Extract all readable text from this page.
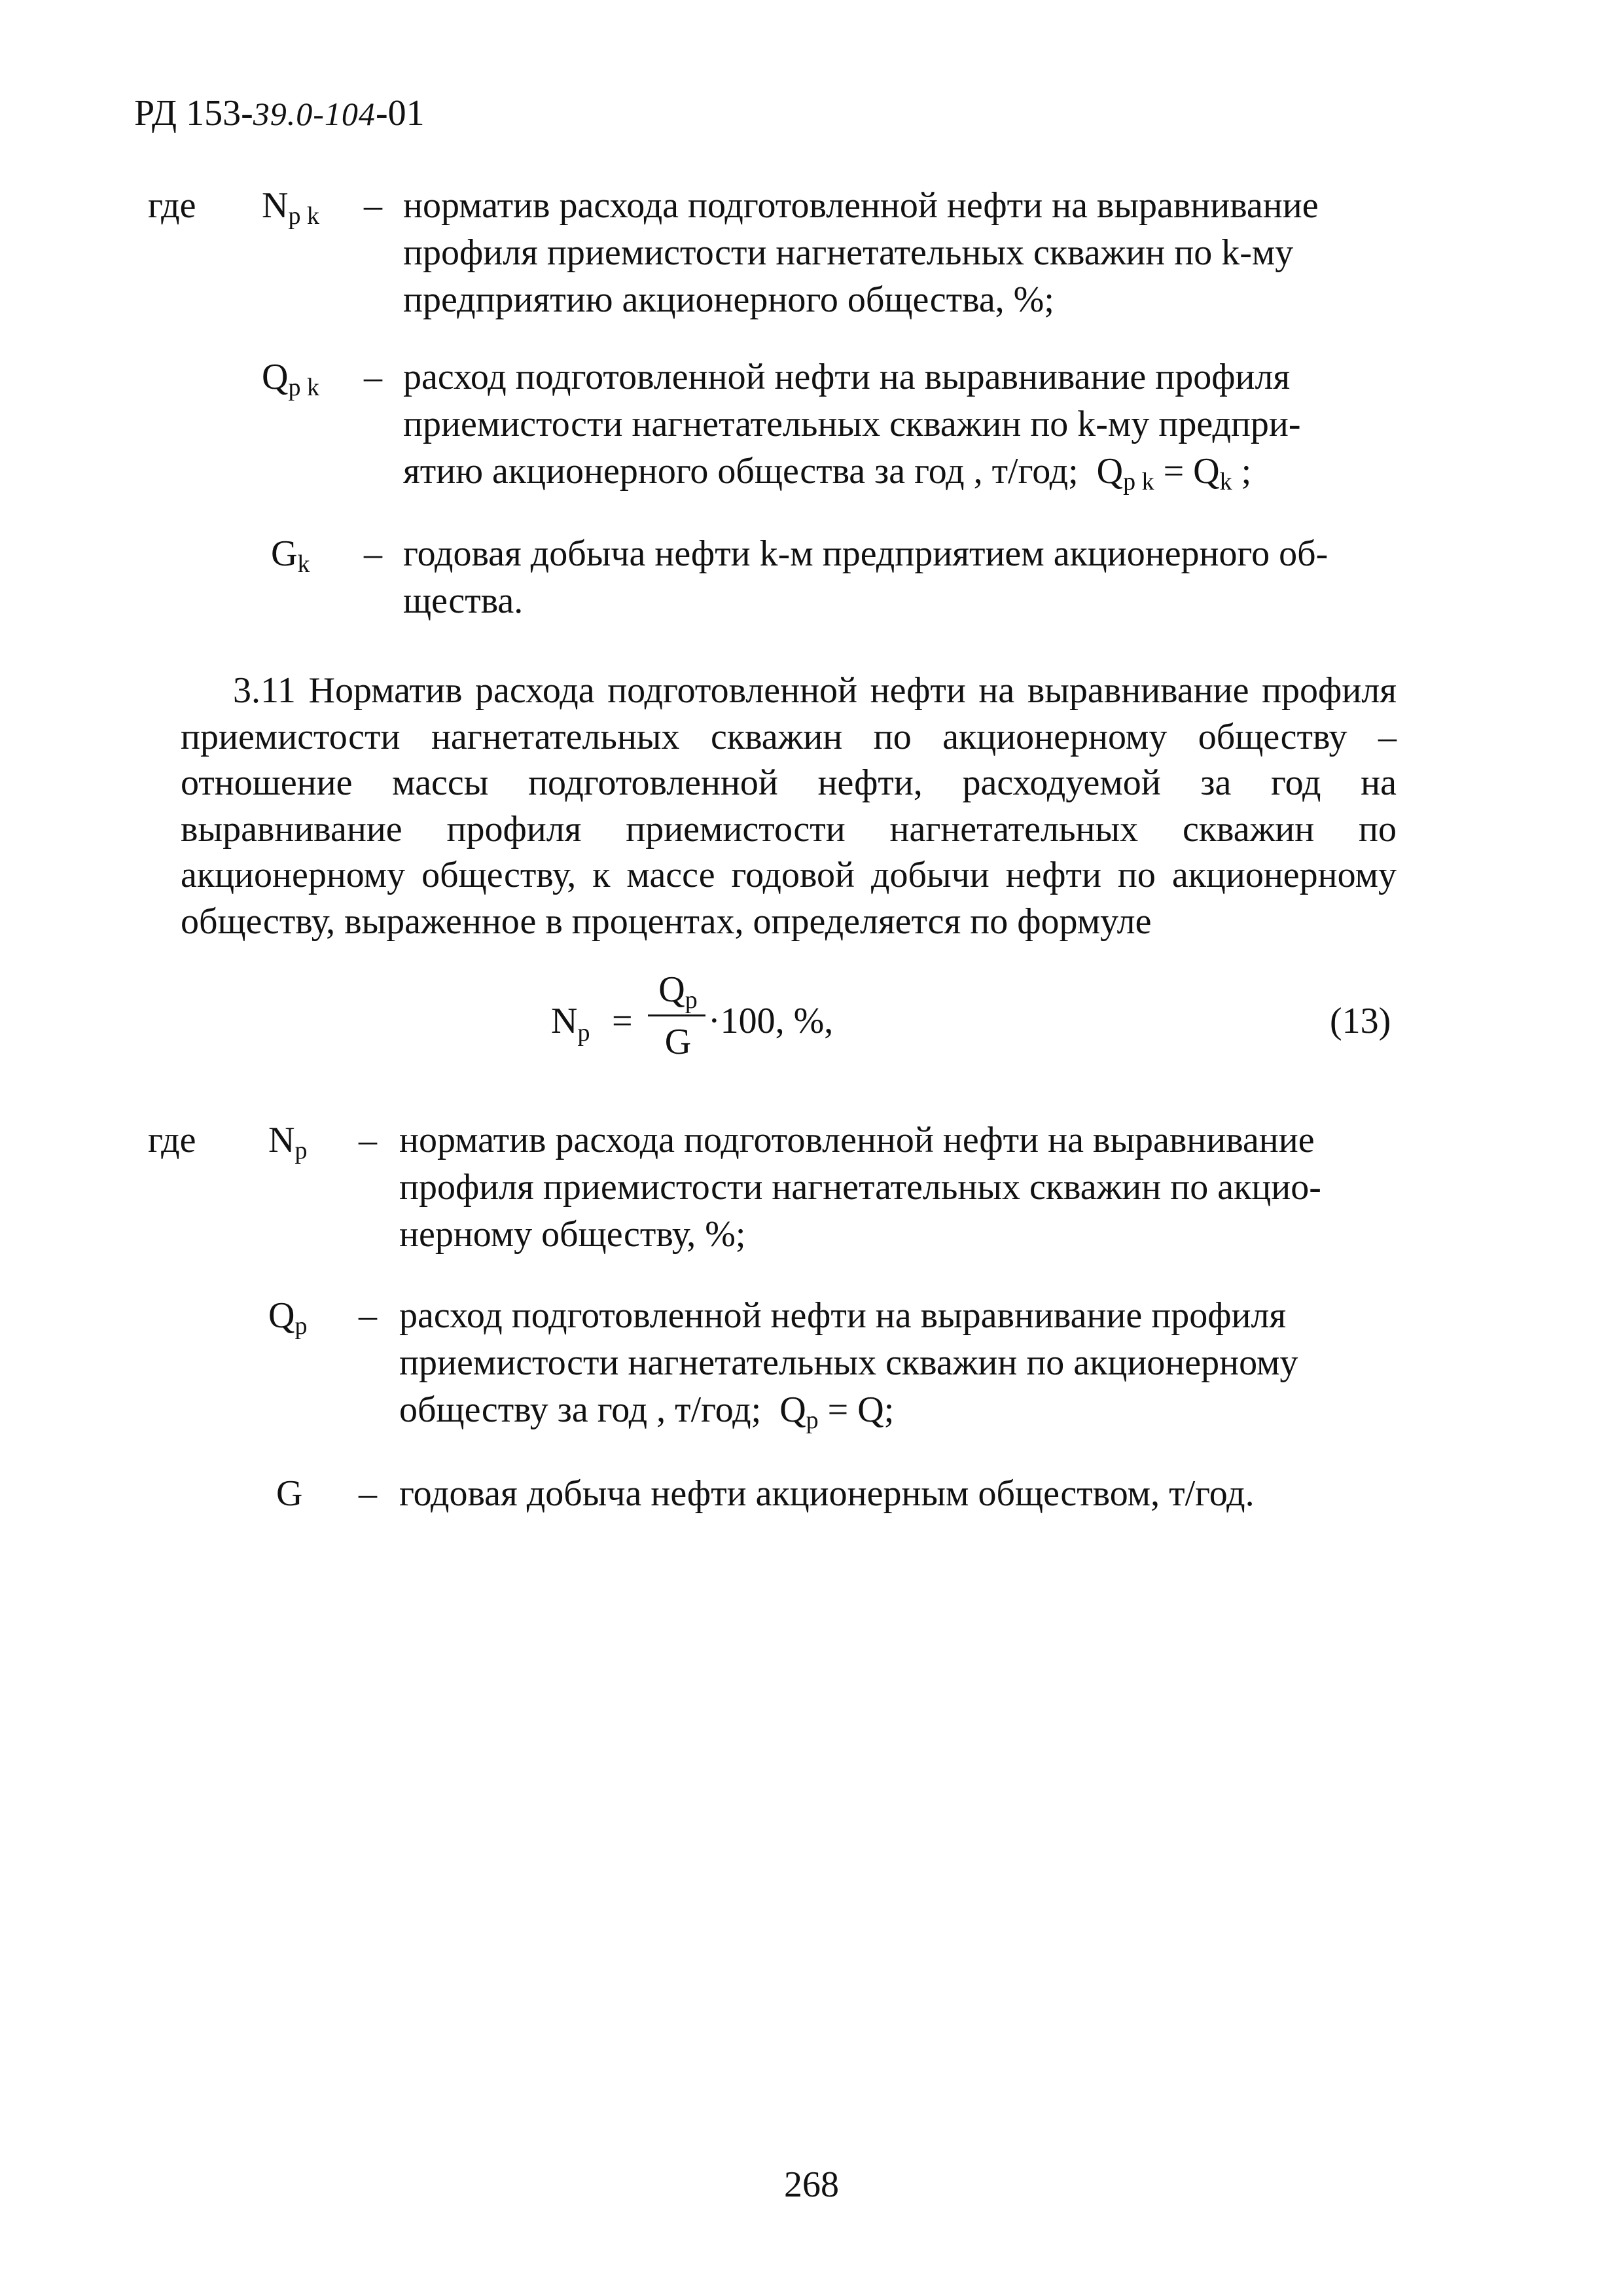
РД 153-39.0-104-01
где $N_{p k}$ – норматив расхода подготовленной нефти на выравнивание
профиля приемистости нагнетательных скважин по k-му
предприятию акционерного общества, %;
$Q_{p k}$ – расход подготовленной нефти на выравнивание профиля
приемистости нагнетательных скважин по k-му предпри-
ятию акционерного общества за год , т/год; $Q_{p k} = Q_k$ ;
$G_k$ – годовая добыча нефти k-м предприятием акционерного об-
щества.
3.11 Норматив расхода подготовленной нефти на выравнивание профиля приемистости нагнетательных скважин по акционерному обществу – отношение массы подготовленной нефти, расходуемой за год на выравнивание профиля приемистости нагнетательных скважин по акционерному обществу, к массе годовой добычи нефти по акционерному обществу, выраженное в процентах, определяется по формуле
$N_p$ =
$Q_p$
G
·100, %,	(13)
где $N_p$ – норматив расхода подготовленной нефти на выравнивание
профиля приемистости нагнетательных скважин по акцио-
нерному обществу, %;
$Q_p$ – расход подготовленной нефти на выравнивание профиля
приемистости нагнетательных скважин по акционерному
обществу за год , т/год; $Q_p = Q$;
G – годовая добыча нефти акционерным обществом, т/год.
268
